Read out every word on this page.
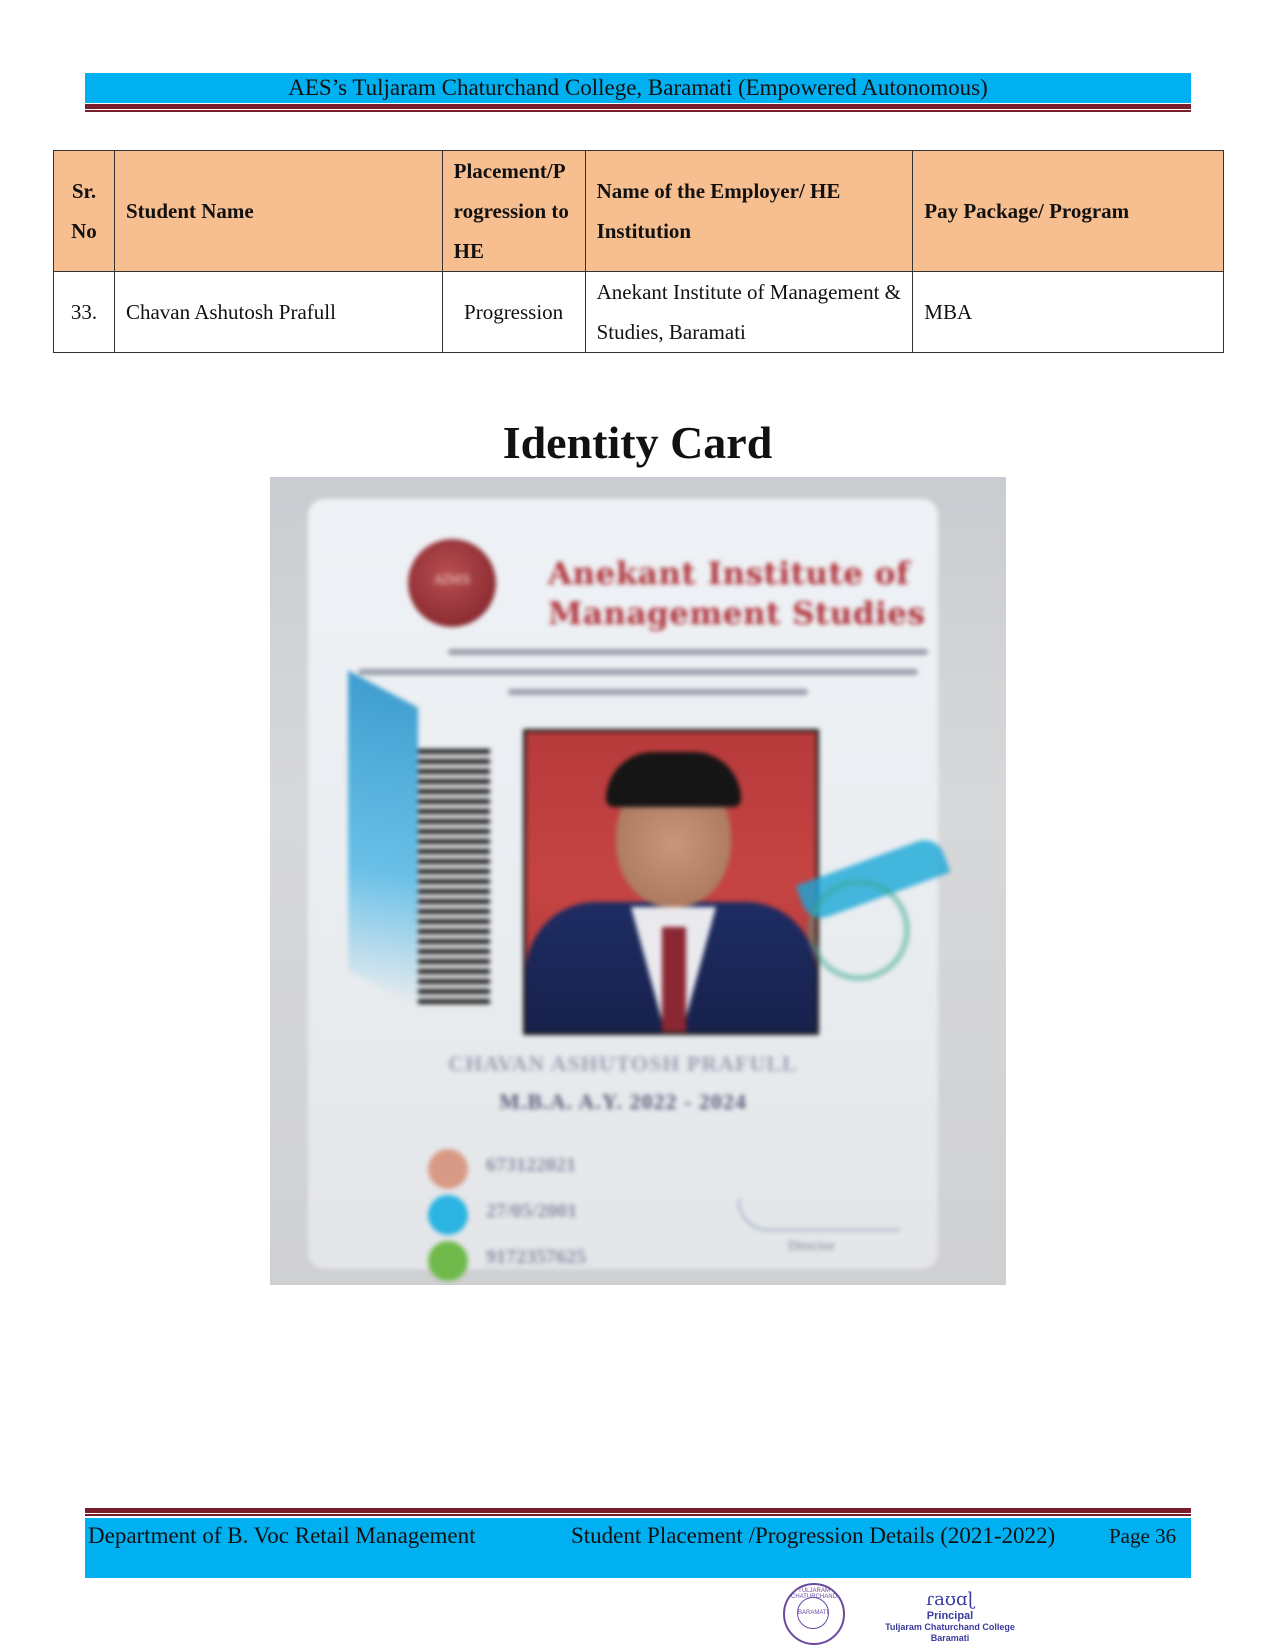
AES’s Tuljaram Chaturchand College, Baramati (Empowered Autonomous)
Sr. No	Student Name	Placement/Progression to HE	Name of the Employer/ HE Institution	Pay Package/ Program
33.	Chavan Ashutosh Prafull	Progression	Anekant Institute of Management & Studies, Baramati	MBA
Identity Card
AIMS	Anekant Institute of
Management Studies
CHAVAN ASHUTOSH PRAFULL
M.B.A. A.Y. 2022 - 2024
673122021
27/05/2001
9172357625	Director
Department of B. Voc Retail Management	Student Placement /Progression Details (2021-2022)	Page 36
TULJARAM CHATURCHAND
BARAMATI
ɾaʊɑɭ
Principal
Tuljaram Chaturchand College
Baramati
